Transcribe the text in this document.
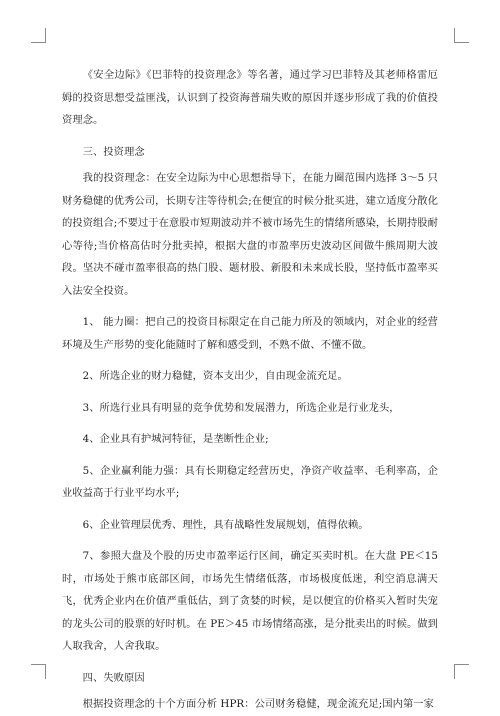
《安全边际》《巴菲特的投资理念》等名著，通过学习巴菲特及其老师格雷厄姆的投资思想受益匪浅，认识到了投资海普瑞失败的原因并逐步形成了我的价值投资理念。

三、投资理念

我的投资理念：在安全边际为中心思想指导下，在能力圈范围内选择 3～5 只财务稳健的优秀公司，长期专注等待机会;在便宜的时候分批买进，建立适度分散化的投资组合;不要过于在意股市短期波动并不被市场先生的情绪所感染，长期持股耐心等待;当价格高估时分批卖掉，根据大盘的市盈率历史波动区间做牛熊周期大波段。坚决不碰市盈率很高的热门股、题材股、新股和未来成长股，坚持低市盈率买入法安全投资。

1、 能力圈：把自己的投资目标限定在自己能力所及的领域内，对企业的经营环境及生产形势的变化能随时了解和感受到，不熟不做、不懂不做。

2、所选企业的财力稳健，资本支出少，自由现金流充足。

3、所选行业具有明显的竞争优势和发展潜力，所选企业是行业龙头，

4、企业具有护城河特征，是垄断性企业;

5、企业赢利能力强：具有长期稳定经营历史，净资产收益率、毛利率高，企业收益高于行业平均水平;

6、企业管理层优秀、理性，具有战略性发展规划，值得依赖。

7、参照大盘及个股的历史市盈率运行区间，确定买卖时机。在大盘 PE＜15 时，市场处于熊市底部区间，市场先生情绪低落，市场极度低迷，利空消息满天飞，优秀企业内在价值严重低估，到了贪婪的时候，是以便宜的价格买入暂时失宠的龙头公司的股票的好时机。在 PE＞45 市场情绪高涨，是分批卖出的时候。做到人取我舍，人舍我取。

四、失败原因

根据投资理念的十个方面分析 HPR：公司财务稳健，现金流充足;国内第一家
